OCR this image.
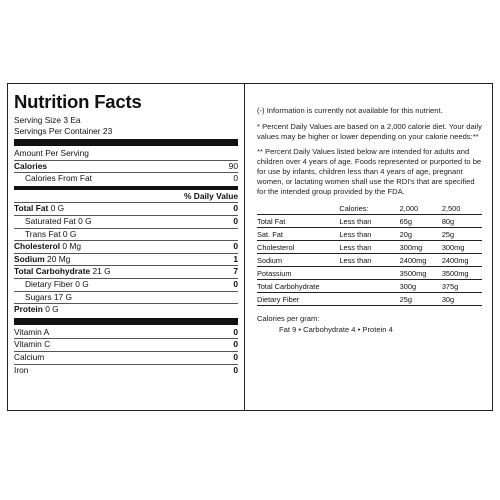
Nutrition Facts
Serving Size 3 Ea
Servings Per Container 23
Amount Per Serving
Calories	90
Calories From Fat	0
% Daily Value
Total Fat 0 G	0
Saturated Fat 0 G	0
Trans Fat 0 G
Cholesterol 0 Mg	0
Sodium 20 Mg	1
Total Carbohydrate 21 G	7
Dietary Fiber 0 G	0
Sugars 17 G
Protein 0 G
Vitamin A	0
Vitamin C	0
Calcium	0
Iron	0

(-) Information is currently not available for this nutrient.

* Percent Daily Values are based on a 2,000 calorie diet. Your daily values may be higher or lower depending on your calorie needs:**

** Percent Daily Values listed below are intended for adults and children over 4 years of age. Foods represented or purported to be for use by infants, children less than 4 years of age, pregnant women, or lactating women shall use the RDI's that are specified for the intended group provided by the FDA.

	Calories:	2,000	2,500
Total Fat	Less than	65g	80g
Sat. Fat	Less than	20g	25g
Cholesterol	Less than	300mg	300mg
Sodium	Less than	2400mg	2400mg
Potassium		3500mg	3500mg
Total Carbohydrate		300g	375g
Dietary Fiber		25g	30g
Calories per gram:
Fat 9 • Carbohydrate 4 • Protein 4
